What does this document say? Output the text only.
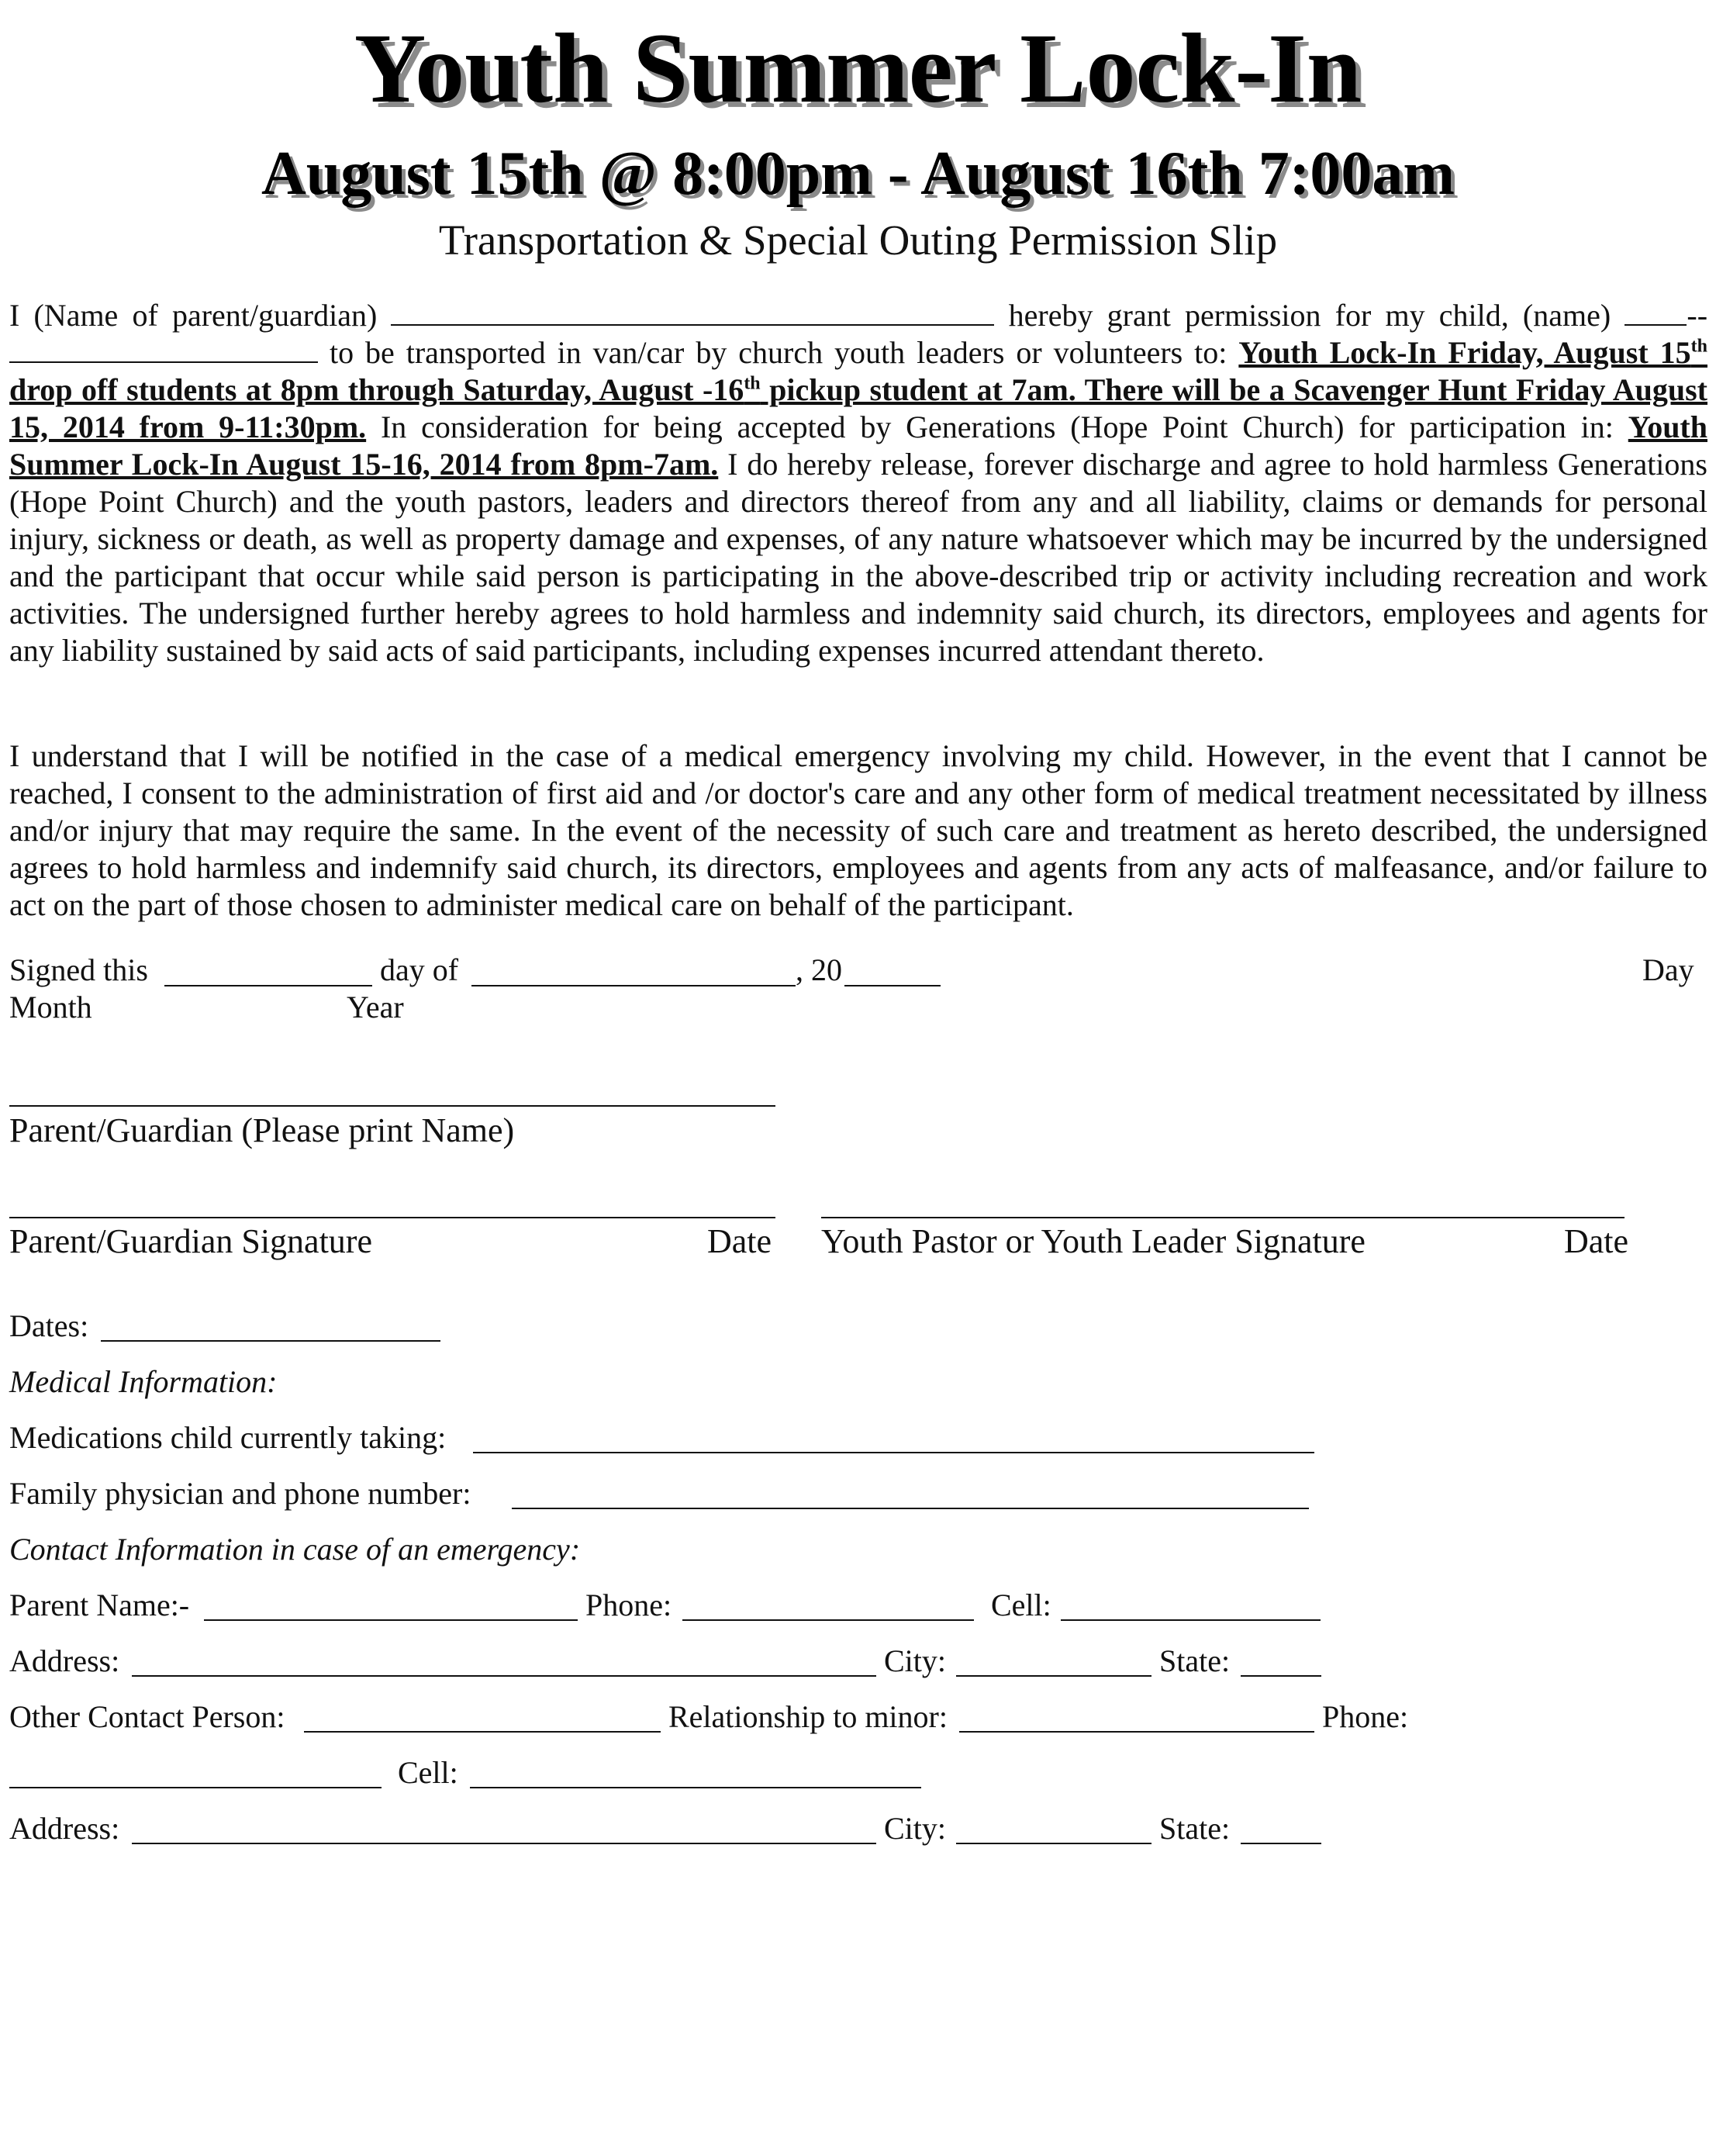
Youth Summer Lock-In
August 15th @ 8:00pm - August 16th 7:00am
Transportation & Special Outing Permission Slip
I (Name of parent/guardian)	hereby grant permission for my child, (name) --  to be transported in van/car by church youth leaders or volunteers to: Youth Lock-In Friday, August 15th drop off students at 8pm through Saturday, August -16th pickup student at 7am. There will be a Scavenger Hunt Friday August 15, 2014 from 9-11:30pm. In consideration for being accepted by Generations (Hope Point Church) for participation in: Youth Summer Lock-In August 15-16, 2014 from 8pm-7am. I do hereby release, forever discharge and agree to hold harmless Generations (Hope Point Church) and the youth pastors, leaders and directors thereof from any and all liability, claims or demands for personal injury, sickness or death, as well as property damage and expenses, of any nature whatsoever which may be incurred by the undersigned and the participant that occur while said person is participating in the above-described trip or activity including recreation and work activities. The undersigned further hereby agrees to hold harmless and indemnity said church, its directors, employees and agents for any liability sustained by said acts of said participants, including expenses incurred attendant thereto.
I understand that I will be notified in the case of a medical emergency involving my child. However, in the event that I cannot be reached, I consent to the administration of first aid and /or doctor's care and any other form of medical treatment necessitated by illness and/or injury that may require the same. In the event of the necessity of such care and treatment as hereto described, the undersigned agrees to hold harmless and indemnify said church, its directors, employees and agents from any acts of malfeasance, and/or failure to act on the part of those chosen to administer medical care on behalf of the participant.
Signed this	day of	, 20	Day
Month	Year
Parent/Guardian (Please print Name)
Parent/Guardian Signature	Date Youth Pastor or Youth Leader Signature	Date
Dates:
Medical Information:
Medications child currently taking:
Family physician and phone number:
Contact Information in case of an emergency:
Parent Name:-	Phone:	Cell:
Address:	City:	State:
Other Contact Person:	Relationship to minor:	Phone:
Cell:
Address:	City:	State:
